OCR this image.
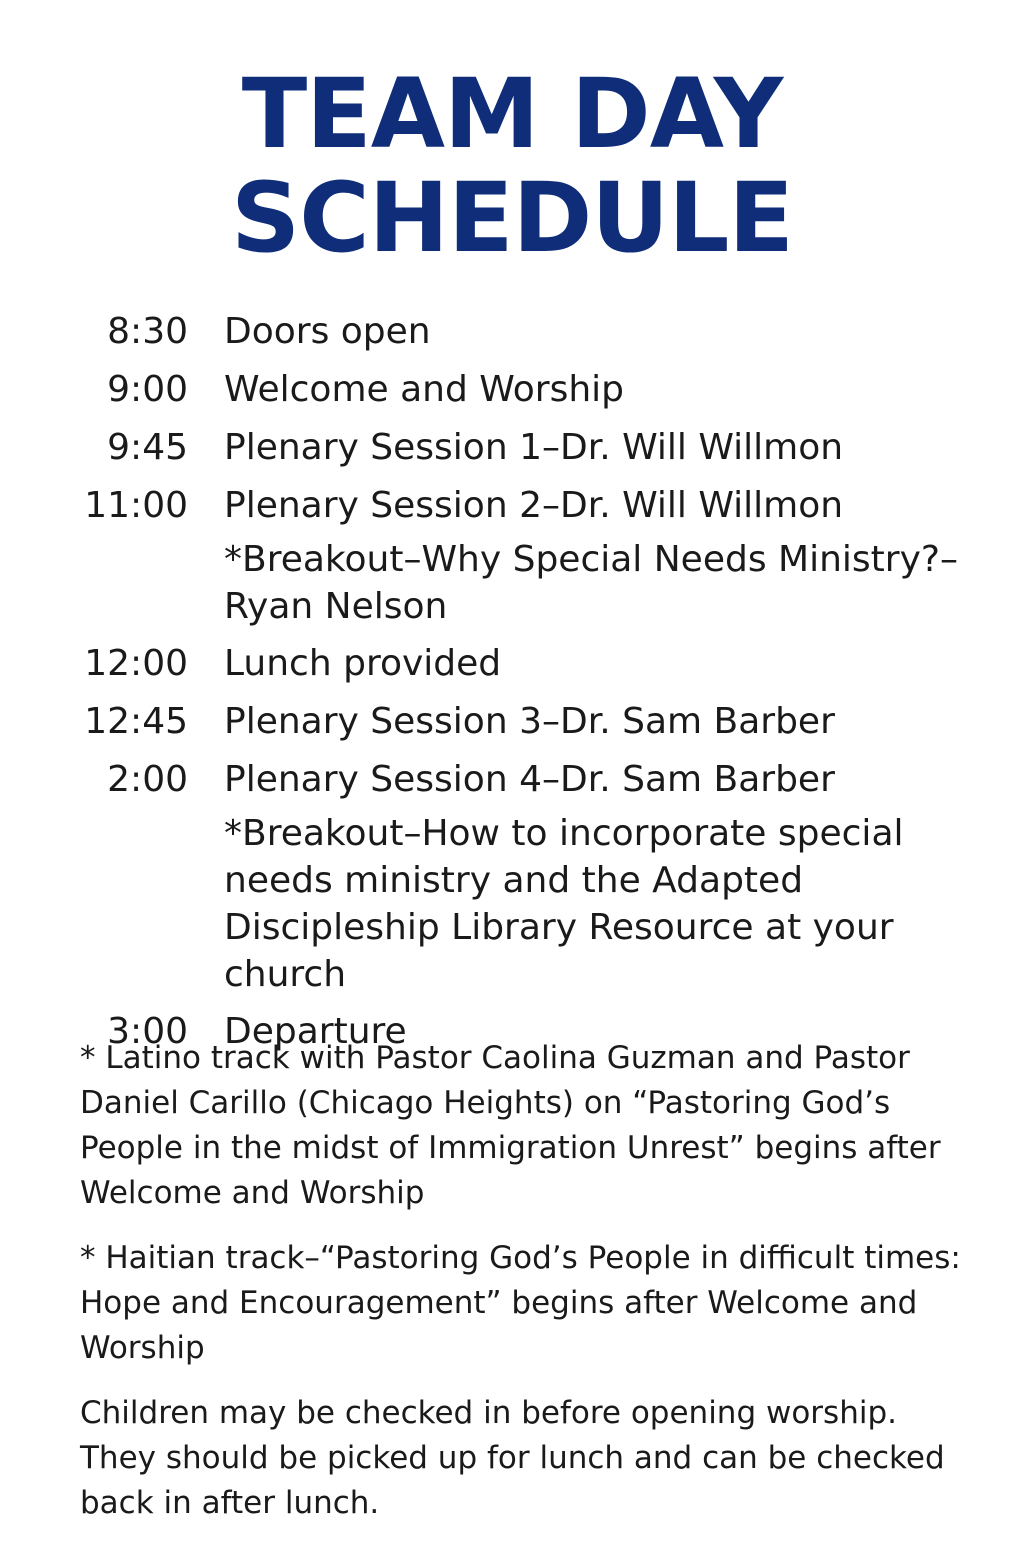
TEAM DAY
SCHEDULE
8:30 Doors open
9:00 Welcome and Worship
9:45 Plenary Session 1–Dr. Will Willmon
11:00 Plenary Session 2–Dr. Will Willmon
*Breakout–Why Special Needs Ministry?– Ryan Nelson
12:00 Lunch provided
12:45 Plenary Session 3–Dr. Sam Barber
2:00 Plenary Session 4–Dr. Sam Barber
*Breakout–How to incorporate special needs ministry and the Adapted Discipleship Library Resource at your church
3:00 Departure

* Latino track with Pastor Caolina Guzman and Pastor Daniel Carillo (Chicago Heights) on “Pastoring God’s People in the midst of Immigration Unrest” begins after Welcome and Worship

* Haitian track–“Pastoring God’s People in difficult times: Hope and Encouragement” begins after Welcome and Worship

Children may be checked in before opening worship. They should be picked up for lunch and can be checked back in after lunch.
